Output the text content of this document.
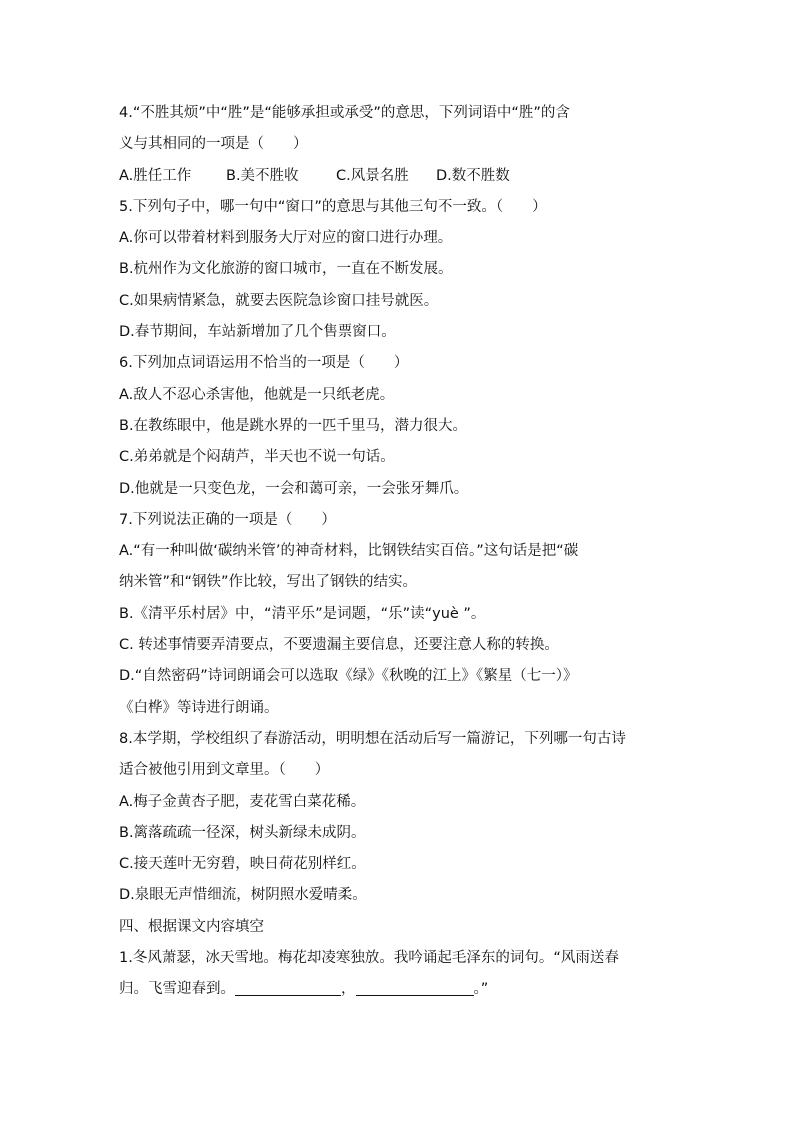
4.“不胜其烦”中“胜”是“能够承担或承受”的意思，下列词语中“胜”的含
义与其相同的一项是（　　）
A.胜任工作 B.美不胜收	C.风景名胜 D.数不胜数
5.下列句子中，哪一句中“窗口”的意思与其他三句不一致。（　　）
A.你可以带着材料到服务大厅对应的窗口进行办理。
B.杭州作为文化旅游的窗口城市，一直在不断发展。
C.如果病情紧急，就要去医院急诊窗口挂号就医。
D.春节期间，车站新增加了几个售票窗口。
6.下列加点词语运用不恰当的一项是（　　）
A.敌人不忍心杀害他，他就是一只纸老虎。
B.在教练眼中，他是跳水界的一匹千里马，潜力很大。
C.弟弟就是个闷葫芦，半天也不说一句话。
D.他就是一只变色龙，一会和蔼可亲，一会张牙舞爪。
7.下列说法正确的一项是（　　）
A.“有一种叫做‘碳纳米管’的神奇材料，比钢铁结实百倍。”这句话是把“碳
纳米管”和“钢铁”作比较，写出了钢铁的结实。
B.《清平乐村居》中，“清平乐”是词题，“乐”读“yuè ”。
C. 转述事情要弄清要点，不要遗漏主要信息，还要注意人称的转换。
D.“自然密码”诗词朗诵会可以选取《绿》《秋晚的江上》《繁星（七一）》
《白桦》等诗进行朗诵。
8.本学期，学校组织了春游活动，明明想在活动后写一篇游记，下列哪一句古诗
适合被他引用到文章里。（　　）
A.梅子金黄杏子肥，麦花雪白菜花稀。
B.篱落疏疏一径深，树头新绿未成阴。
C.接天莲叶无穷碧，映日荷花别样红。
D.泉眼无声惜细流，树阴照水爱晴柔。
四、根据课文内容填空
1.冬风萧瑟，冰天雪地。梅花却凌寒独放。我吟诵起毛泽东的词句。“风雨送春
归。飞雪迎春到。	，	。”
